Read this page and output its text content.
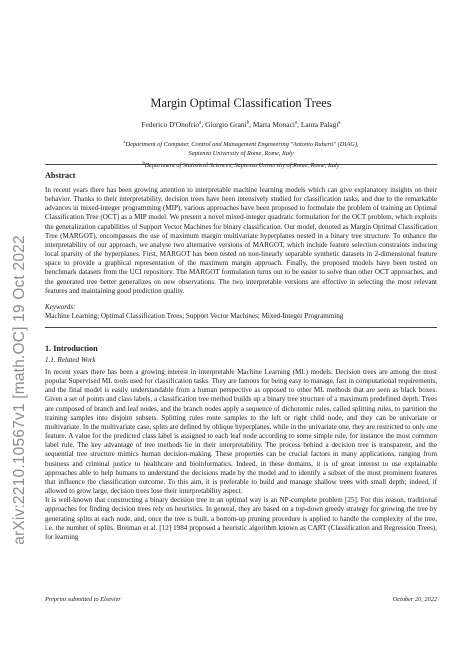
arXiv:2210.10567v1 [math.OC] 19 Oct 2022
Margin Optimal Classification Trees
Federico D'Onofrio$^a$, Giorgio Grani$^b$, Marta Monaci$^a$, Laura Palagi$^a$
$^a$Department of Computer, Control and Management Engineering "Antonio Ruberti" (DIAG),
Sapienza University of Rome, Rome, Italy
$^b$Department of Statistical Sciences, Sapienza University of Rome, Rome, Italy
Abstract
In recent years there has been growing attention to interpretable machine learning models which can give explanatory insights on their behavior. Thanks to their interpretability, decision trees have been intensively studied for classification tasks, and due to the remarkable advances in mixed-integer programming (MIP), various approaches have been proposed to formulate the problem of training an Optimal Classification Tree (OCT) as a MIP model. We present a novel mixed-integer quadratic formulation for the OCT problem, which exploits the generalization capabilities of Support Vector Machines for binary classification. Our model, denoted as Margin Optimal Classification Tree (MARGOT), encompasses the use of maximum margin multivariate hyperplanes nested in a binary tree structure. To enhance the interpretability of our approach, we analyse two alternative versions of MARGOT, which include feature selection constraints inducing local sparsity of the hyperplanes. First, MARGOT has been tested on non-linearly separable synthetic datasets in 2-dimensional feature space to provide a graphical representation of the maximum margin approach. Finally, the proposed models have been tested on benchmark datasets from the UCI repository. The MARGOT formulation turns out to be easier to solve than other OCT approaches, and the generated tree better generalizes on new observations. The two interpretable versions are effective in selecting the most relevant features and maintaining good prediction quality.
Keywords:
Machine Learning; Optimal Classification Trees; Support Vector Machines; Mixed-Integer Programming
1. Introduction
1.1. Related Work

In recent years there has been a growing interest in interpretable Machine Learning (ML) models. Decision trees are among the most popular Supervised ML tools used for classification tasks. They are famous for being easy to manage, fast in computational requirements, and the final model is easily understandable from a human perspective as opposed to other ML methods that are seen as black boxes. Given a set of points and class labels, a classification tree method builds up a binary tree structure of a maximum predefined depth. Trees are composed of branch and leaf nodes, and the branch nodes apply a sequence of dichotomic rules, called splitting rules, to partition the training samples into disjoint subsets. Splitting rules route samples to the left or right child node, and they can be univariate or multivariate. In the multivariate case, splits are defined by oblique hyperplanes, while in the univariate one, they are restricted to only one feature. A value for the predicted class label is assigned to each leaf node according to some simple rule, for instance the most common label rule. The key advantage of tree methods lie in their interpretability. The process behind a decision tree is transparent, and the sequential tree structure mimics human decision-making. These properties can be crucial factors in many applications, ranging from business and criminal justice to healthcare and bioinformatics. Indeed, in these domains, it is of great interest to use explainable approaches able to help humans to understand the decisions made by the model and to identify a subset of the most prominent features that influence the classification outcome. To this aim, it is preferable to build and manage shallow trees with small depth; indeed, if allowed to grow large, decision trees lose their interpretability aspect.

It is well-known that constructing a binary decision tree in an optimal way is an NP-complete problem [25]. For this reason, traditional approaches for finding decision trees rely on heuristics. In general, they are based on a top-down greedy strategy for growing the tree by generating splits at each node, and, once the tree is built, a bottom-up pruning procedure is applied to handle the complexity of the tree, i.e. the number of splits. Breiman et al. [12] 1984 proposed a heuristic algorithm known as CART (Classification and Regression Trees), for learning

Preprint submitted to Elsevier	October 20, 2022
